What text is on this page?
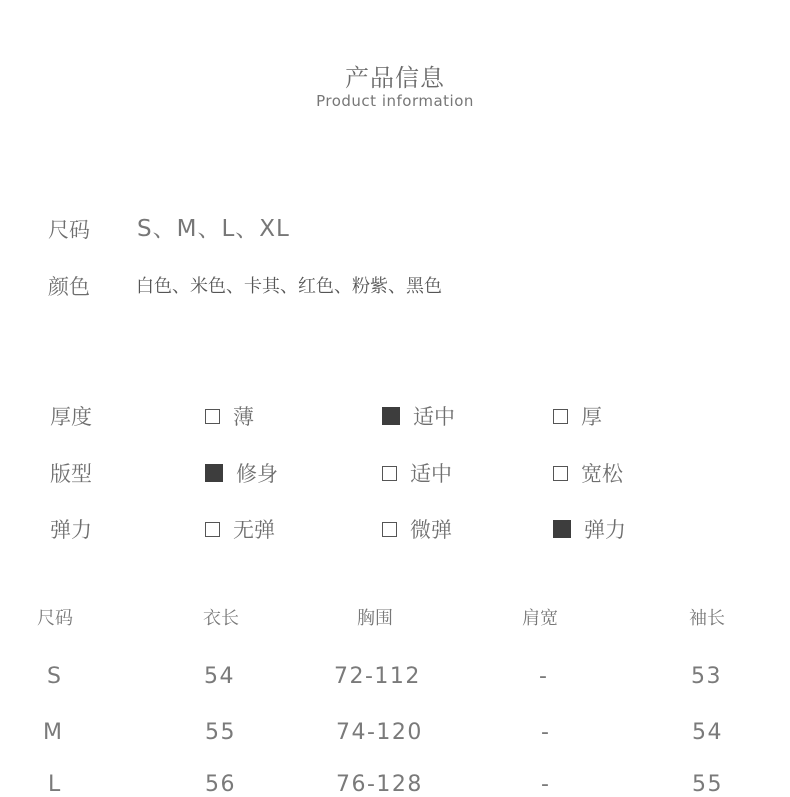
产品信息
Product information
尺码 S、M、L、XL
颜色	白色、米色、卡其、红色、粉紫、黑色
厚度	薄	适中	厚
版型	修身	适中	宽松
弹力	无弹	微弹	弹力
尺码	衣长	胸围	肩宽	袖长
S	54	72-112	-	53
M	55	74-120	-	54
L	56	76-128	-	55
